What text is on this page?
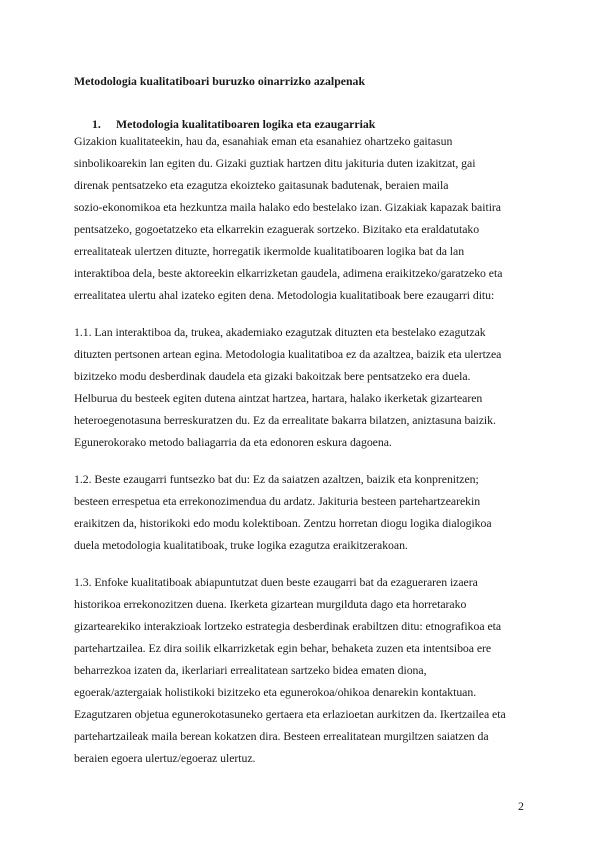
Metodologia kualitatiboari buruzko oinarrizko azalpenak
1. Metodologia kualitatiboaren logika eta ezaugarriak
Gizakion kualitateekin, hau da, esanahiak eman eta esanahiez ohartzeko gaitasun
sinbolikoarekin lan egiten du. Gizaki guztiak hartzen ditu jakituria duten izakitzat, gai
direnak pentsatzeko eta ezagutza ekoizteko gaitasunak badutenak, beraien maila
sozio-ekonomikoa eta hezkuntza maila halako edo bestelako izan. Gizakiak kapazak baitira
pentsatzeko, gogoetatzeko eta elkarrekin ezaguerak sortzeko. Bizitako eta eraldatutako
errealitateak ulertzen dituzte, horregatik ikermolde kualitatiboaren logika bat da lan
interaktiboa dela, beste aktoreekin elkarrizketan gaudela, adimena eraikitzeko/garatzeko eta
errealitatea ulertu ahal izateko egiten dena. Metodologia kualitatiboak bere ezaugarri ditu:
1.1. Lan interaktiboa da, trukea, akademiako ezagutzak dituzten eta bestelako ezagutzak
dituzten pertsonen artean egina. Metodologia kualitatiboa ez da azaltzea, baizik eta ulertzea
bizitzeko modu desberdinak daudela eta gizaki bakoitzak bere pentsatzeko era duela.
Helburua du besteek egiten dutena aintzat hartzea, hartara, halako ikerketak gizartearen
heteroegenotasuna berreskuratzen du. Ez da errealitate bakarra bilatzen, aniztasuna baizik.
Egunerokorako metodo baliagarria da eta edonoren eskura dagoena.
1.2. Beste ezaugarri funtsezko bat du: Ez da saiatzen azaltzen, baizik eta konprenitzen;
besteen errespetua eta errekonozimendua du ardatz. Jakituria besteen partehartzearekin
eraikitzen da, historikoki edo modu kolektiboan. Zentzu horretan diogu logika dialogikoa
duela metodologia kualitatiboak, truke logika ezagutza eraikitzerakoan.
1.3. Enfoke kualitatiboak abiapuntutzat duen beste ezaugarri bat da ezagueraren izaera
historikoa errekonozitzen duena. Ikerketa gizartean murgilduta dago eta horretarako
gizartearekiko interakzioak lortzeko estrategia desberdinak erabiltzen ditu: etnografikoa eta
partehartzailea. Ez dira soilik elkarrizketak egin behar, behaketa zuzen eta intentsiboa ere
beharrezkoa izaten da, ikerlariari errealitatean sartzeko bidea ematen diona,
egoerak/aztergaiak holistikoki bizitzeko eta egunerokoa/ohikoa denarekin kontaktuan.
Ezagutzaren objetua egunerokotasuneko gertaera eta erlazioetan aurkitzen da. Ikertzailea eta
partehartzaileak maila berean kokatzen dira. Besteen errealitatean murgiltzen saiatzen da
beraien egoera ulertuz/egoeraz ulertuz.
2
